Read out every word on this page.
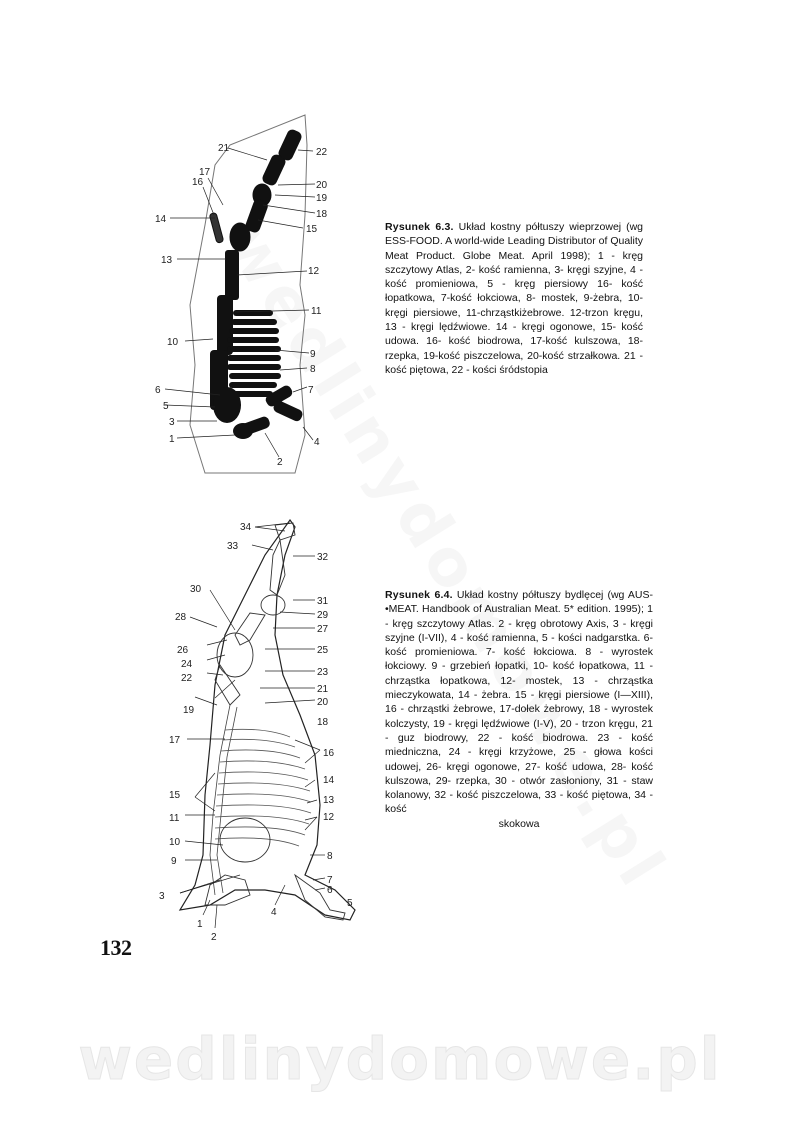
21	22
17
16	20
19
18
14
15
13
12
11
10
9
8
6
5
3
1
7
4
2
Rysunek 6.3. Układ kostny półtuszy wieprzowej (wg ESS-FOOD. A world-wide Leading Distributor of Quality Meat Product. Globe Meat. April 1998); 1 - kręg szczytowy Atlas, 2- kość ramienna, 3- kręgi szyjne, 4 - kość promieniowa, 5 - kręg piersiowy 16- kość łopatkowa, 7-kość łokciowa, 8- mostek, 9-żebra, 10-kręgi piersiowe, 11-chrząstkiżebrowe. 12-trzon kręgu, 13 - kręgi lędźwiowe. 14 - kręgi ogonowe, 15- kość udowa. 16- kość biodrowa, 17-kość kulszowa, 18-rzepka, 19-kość piszczelowa, 20-kość strzałkowa. 21 - kość piętowa, 22 - kości śródstopia
34
33
32
30
31
29
28
27
26	25
24
23
22
21
20
19
18
17
16
14
15	13
12
11
10
9	8
7
6
3
5
1
2
4
Rysunek 6.4. Układ kostny półtuszy bydlęcej (wg AUS-•MEAT. Handbook of Australian Meat. 5* edition. 1995); 1 - kręg szczytowy Atlas. 2 - kręg obrotowy Axis, 3 - kręgi szyjne (I-VII), 4 - kość ramienna, 5 - kości nadgarstka. 6- kość promieniowa. 7- kość łokciowa. 8 - wyrostek łokciowy. 9 - grzebień łopatki, 10- kość łopatkowa, 11 - chrząstka łopatkowa, 12- mostek, 13 - chrząstka mieczykowata, 14 - żebra. 15 - kręgi piersiowe (I—XIII), 16 - chrząstki żebrowe, 17-dołek żebrowy, 18 - wyrostek kolczysty, 19 - kręgi lędźwiowe (I-V), 20 - trzon kręgu, 21 - guz biodrowy, 22 - kość biodrowa. 23 - kość miedniczna, 24 - kręgi krzyżowe, 25 - głowa kości udowej, 26- kręgi ogonowe, 27- kość udowa, 28- kość kulszowa, 29- rzepka, 30 - otwór zasłoniony, 31 - staw kolanowy, 32 - kość piszczelowa, 33 - kość piętowa, 34 - kość
skokowa
132
wedlinydomowe.pl
